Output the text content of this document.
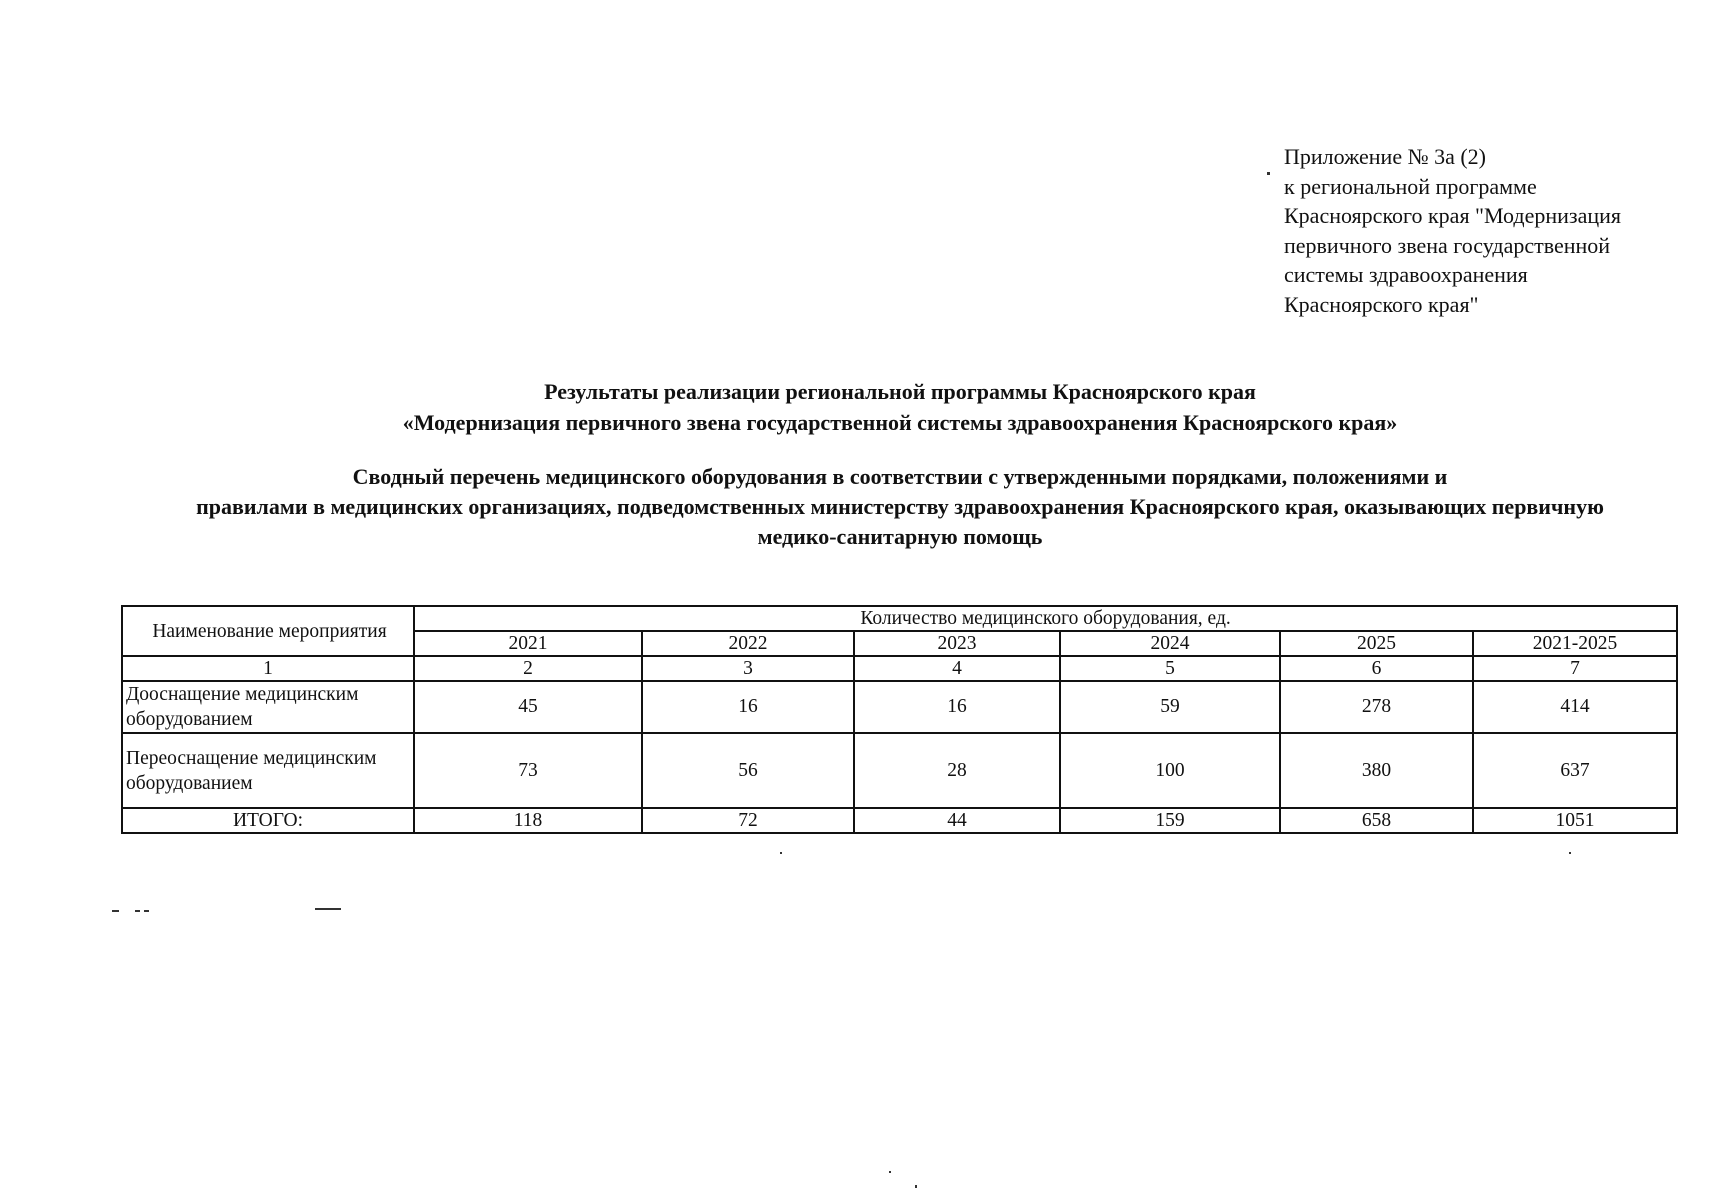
Приложение № 3а (2)
к региональной программе
Красноярского края "Модернизация
первичного звена государственной
системы здравоохранения
Красноярского края"
Результаты реализации региональной программы Красноярского края
«Модернизация первичного звена государственной системы здравоохранения Красноярского края»
Сводный перечень медицинского оборудования в соответствии с утвержденными порядками, положениями и
правилами в медицинских организациях, подведомственных министерству здравоохранения Красноярского края, оказывающих первичную
медико-санитарную помощь
Наименование мероприятия	Количество медицинского оборудования, ед.					
	2021	2022	2023	2024	2025	2021-2025
1	2	3	4	5	6	7

Дооснащение медицинским
оборудованием	45	16	16	59	278	414

Переоснащение медицинским
оборудованием	73	56	28	100	380	637
ИТОГО:	118	72	44	159	658	1051
